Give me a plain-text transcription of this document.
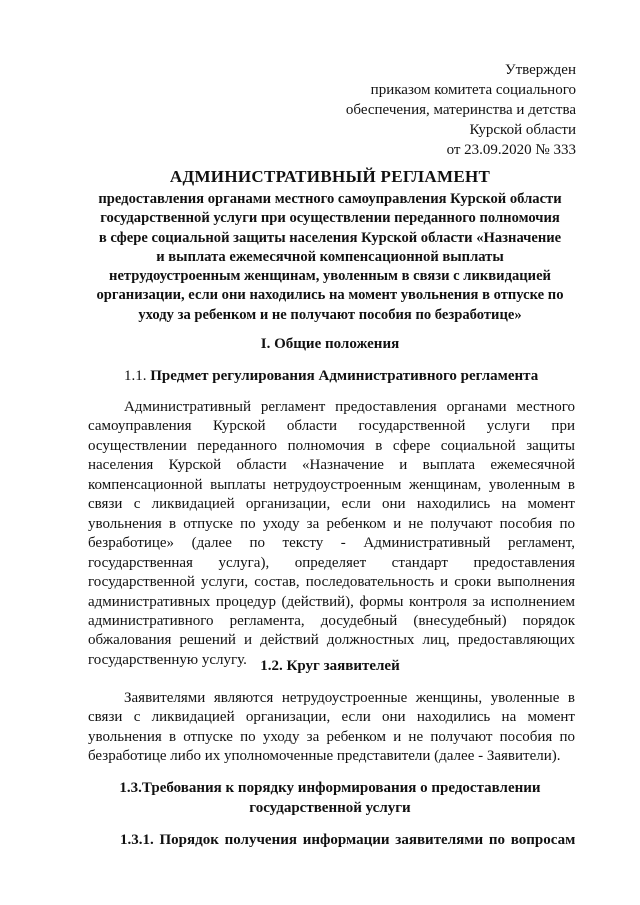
Утвержден
приказом комитета социального
обеспечения, материнства и детства
Курской области
от 23.09.2020 № 333
АДМИНИСТРАТИВНЫЙ РЕГЛАМЕНТ
предоставления органами местного самоуправления Курской области
государственной услуги при осуществлении переданного полномочия
в сфере социальной защиты населения Курской области «Назначение
и выплата ежемесячной компенсационной выплаты
нетрудоустроенным женщинам, уволенным в связи с ликвидацией
организации, если они находились на момент увольнения в отпуске по
уходу за ребенком и не получают пособия по безработице»
I. Общие положения
1.1. Предмет регулирования Административного регламента
Административный регламент предоставления органами местного самоуправления Курской области государственной услуги при осуществлении переданного полномочия в сфере социальной защиты населения Курской области «Назначение и выплата ежемесячной компенсационной выплаты нетрудоустроенным женщинам, уволенным в связи с ликвидацией организации, если они находились на момент увольнения в отпуске по уходу за ребенком и не получают пособия по безработице» (далее по тексту - Административный регламент, государственная услуга), определяет стандарт предоставления государственной услуги, состав, последовательность и сроки выполнения административных процедур (действий), формы контроля за исполнением административного регламента, досудебный (внесудебный) порядок обжалования решений и действий должностных лиц, предоставляющих государственную услугу. 1.2. Круг заявителей
Заявителями являются нетрудоустроенные женщины, уволенные в связи с ликвидацией организации, если они находились на момент увольнения в отпуске по уходу за ребенком и не получают пособия по безработице либо их уполномоченные представители (далее - Заявители).
1.3.Требования к порядку информирования о предоставлении
государственной услуги
1.3.1. Порядок получения информации заявителями по вопросам
